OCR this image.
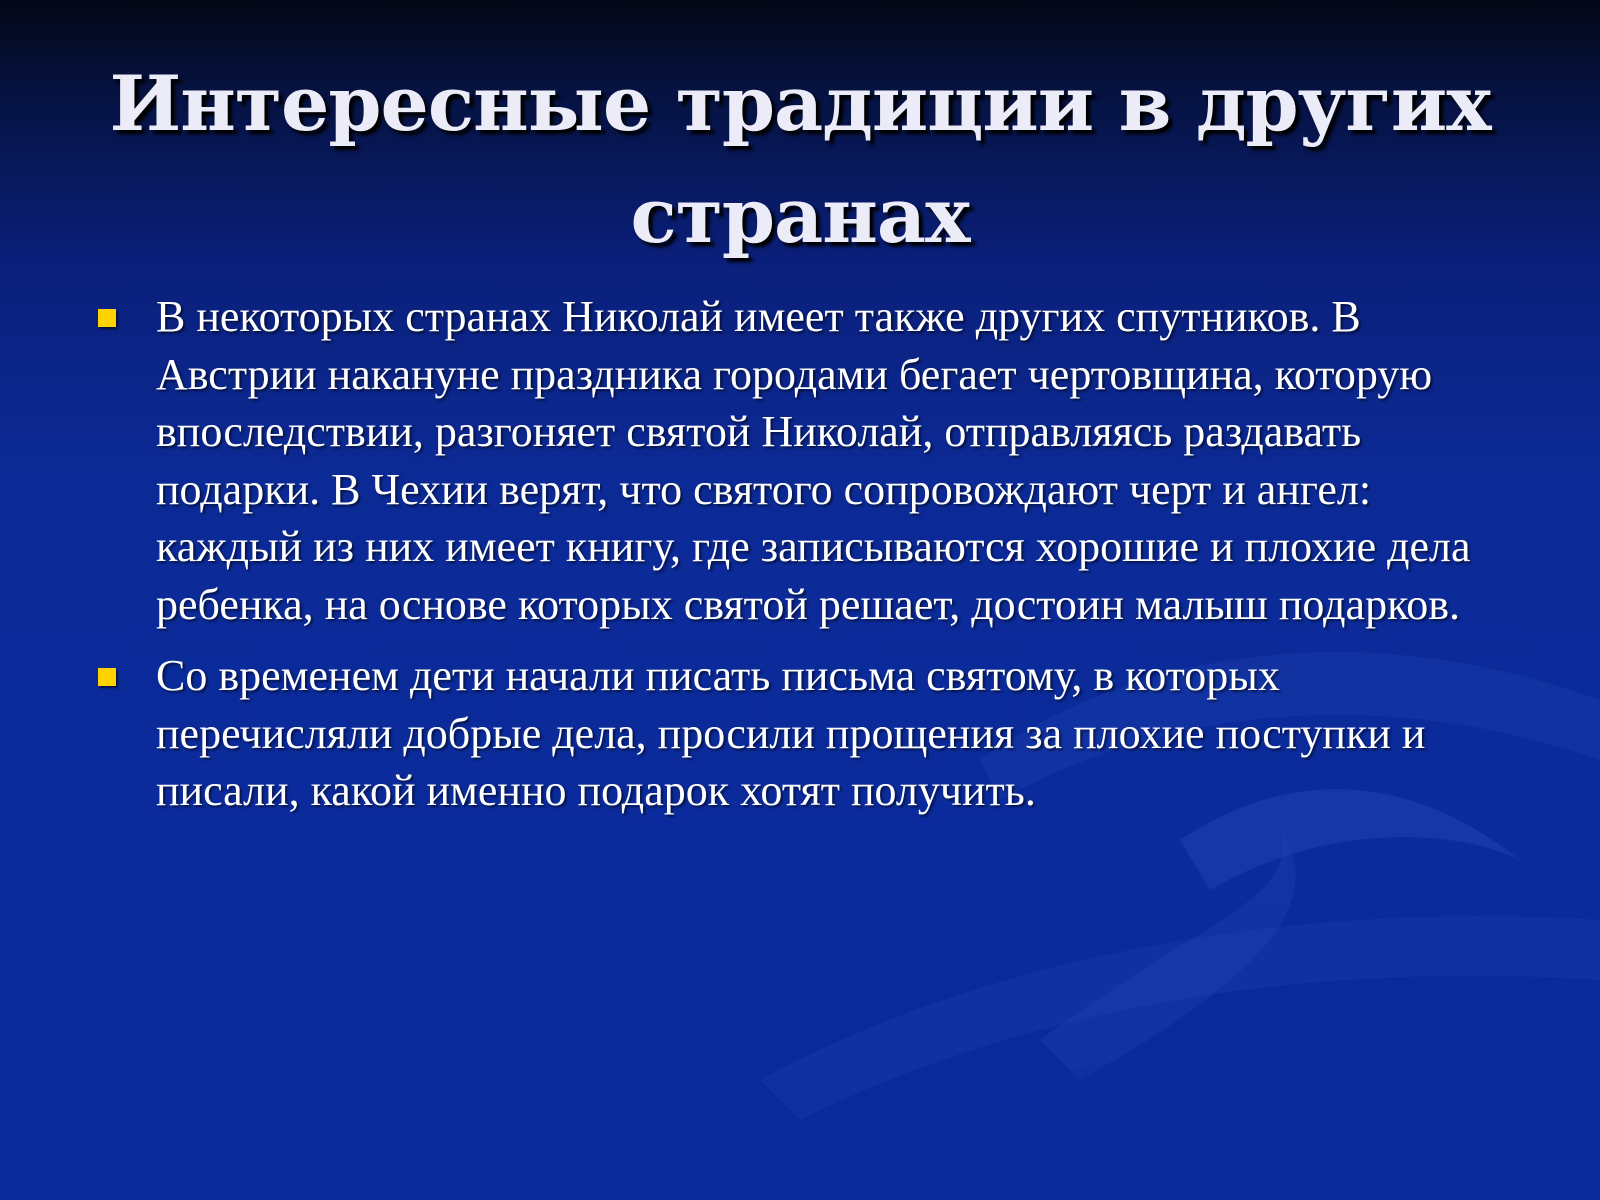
Интересные традиции в других странах
В некоторых странах Николай имеет также других спутников. В Австрии накануне праздника городами бегает чертовщина, которую впоследствии, разгоняет святой Николай, отправляясь раздавать подарки. В Чехии верят, что святого сопровождают черт и ангел: каждый из них имеет книгу, где записываются хорошие и плохие дела ребенка, на основе которых святой решает, достоин малыш подарков.
Со временем дети начали писать письма святому, в которых перечисляли добрые дела, просили прощения за плохие поступки и писали, какой именно подарок хотят получить.
